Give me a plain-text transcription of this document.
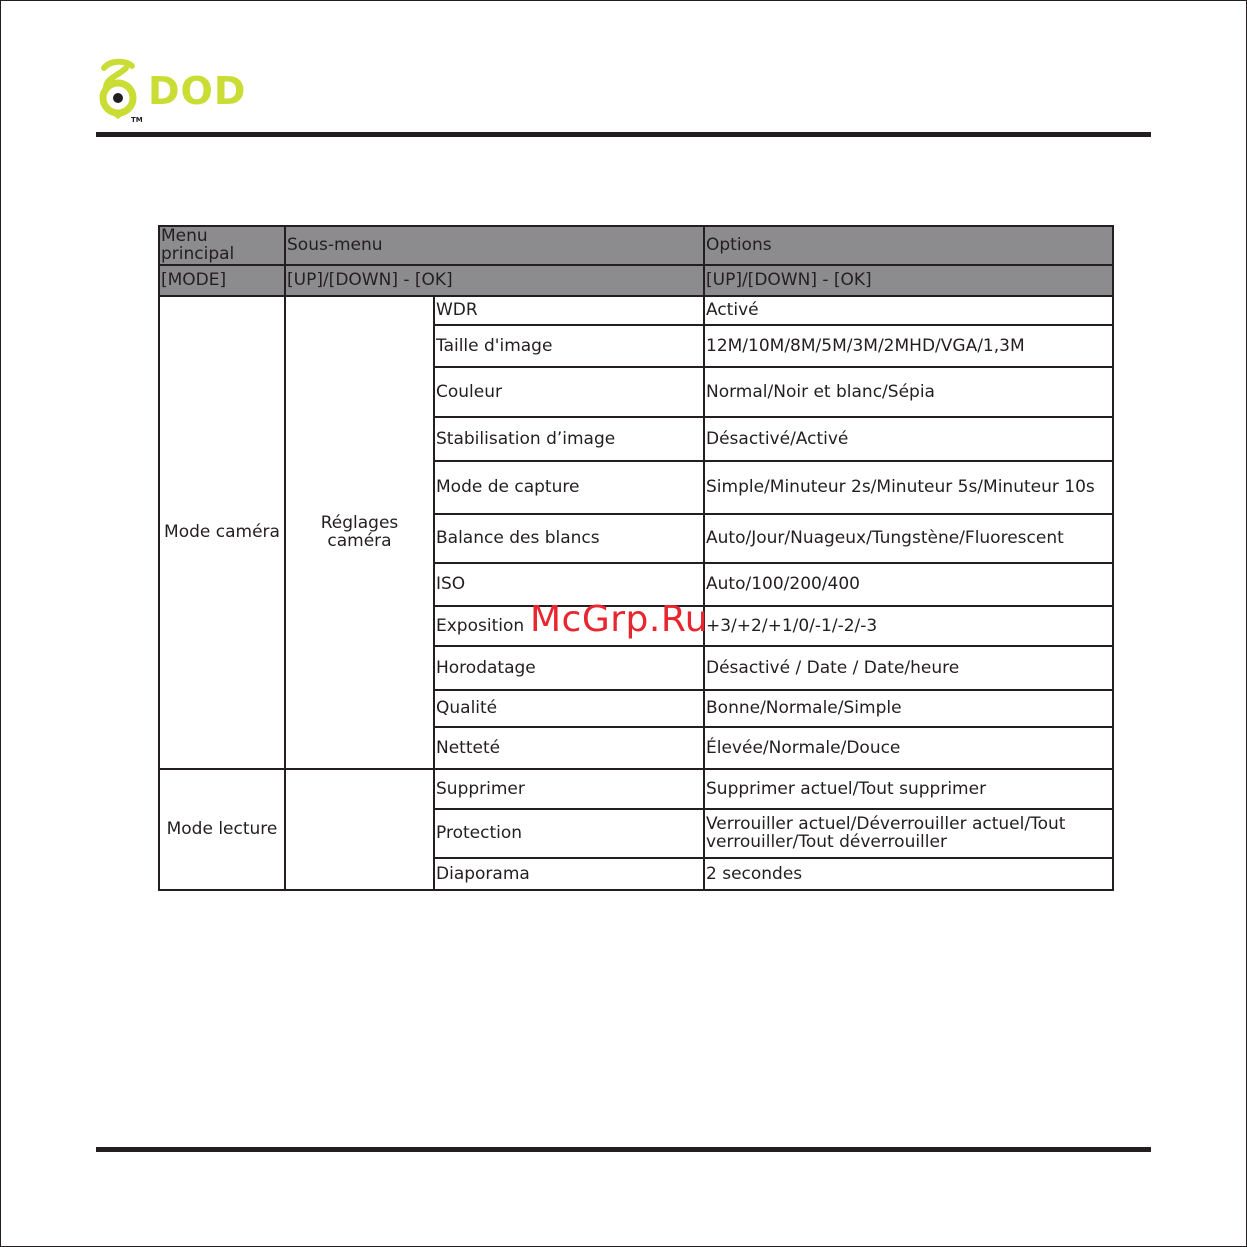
TM
DOD
Menu principal	Sous-menu		Options
[MODE]	[UP]/[DOWN] - [OK]		[UP]/[DOWN] - [OK]
Mode caméra	Réglages caméra	WDR	Activé
		Taille d'image	12M/10M/8M/5M/3M/2MHD/VGA/1,3M
		Couleur	Normal/Noir et blanc/Sépia
		Stabilisation d’image	Désactivé/Activé
		Mode de capture	Simple/Minuteur 2s/Minuteur 5s/Minuteur 10s
		Balance des blancs	Auto/Jour/Nuageux/Tungstène/Fluorescent
		ISO	Auto/100/200/400
		Exposition	+3/+2/+1/0/-1/-2/-3
		Horodatage	Désactivé / Date / Date/heure
		Qualité	Bonne/Normale/Simple
		Netteté	Élevée/Normale/Douce
Mode lecture		Supprimer	Supprimer actuel/Tout supprimer
		Protection	Verrouiller actuel/Déverrouiller actuel/Tout verrouiller/Tout déverrouiller
		Diaporama	2 secondes
McGrp.Ru
